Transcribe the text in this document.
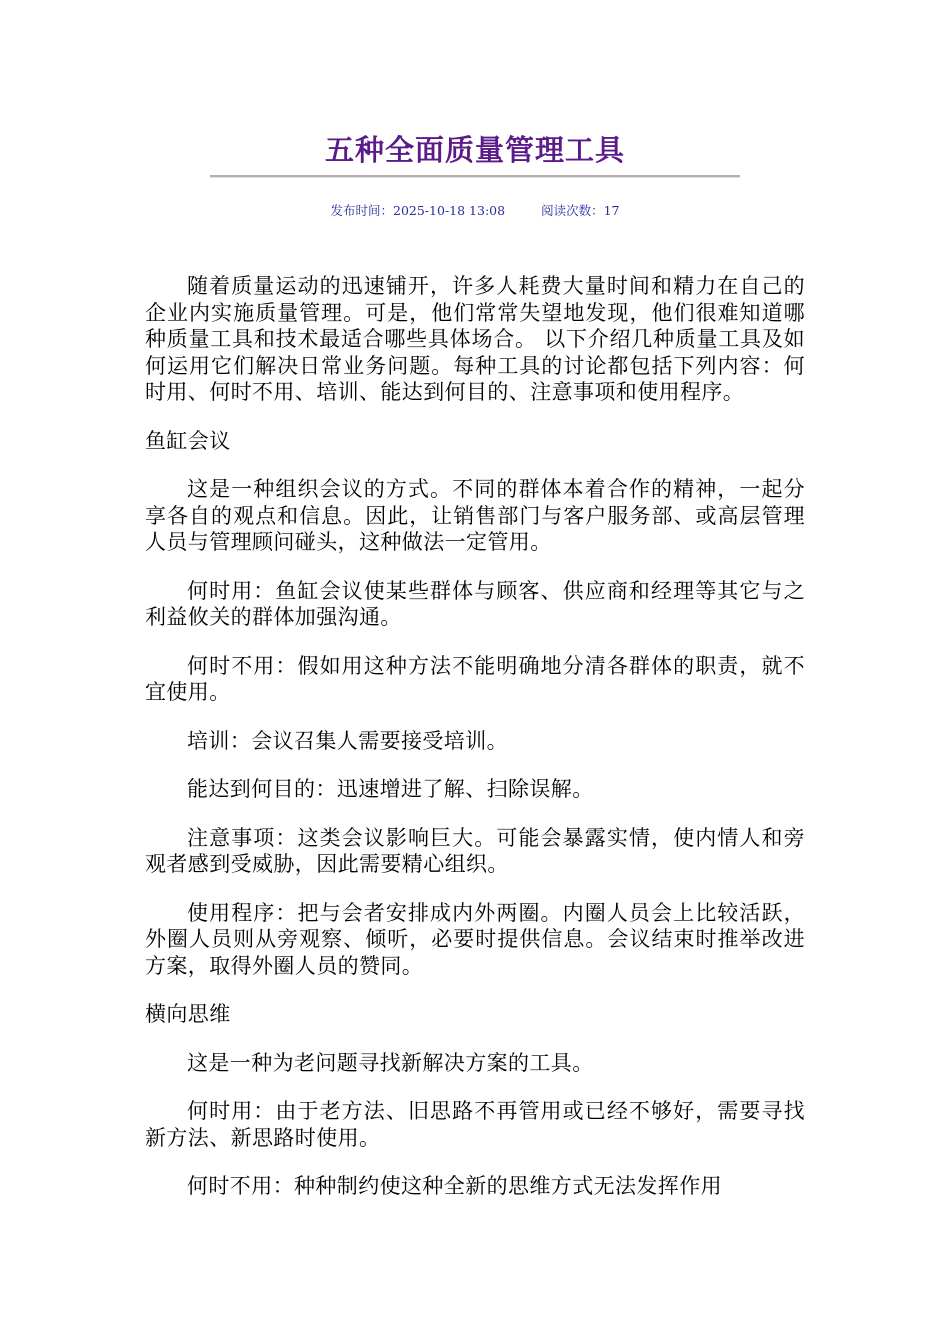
五种全面质量管理工具
发布时间：2025-10-18 13:08	阅读次数：17

随着质量运动的迅速铺开，许多人耗费大量时间和精力在自己的企业内实施质量管理。可是，他们常常失望地发现，他们很难知道哪种质量工具和技术最适合哪些具体场合。 以下介绍几种质量工具及如何运用它们解决日常业务问题。每种工具的讨论都包括下列内容：何时用、何时不用、培训、能达到何目的、注意事项和使用程序。

鱼缸会议

这是一种组织会议的方式。不同的群体本着合作的精神，一起分享各自的观点和信息。因此，让销售部门与客户服务部、或高层管理人员与管理顾问碰头，这种做法一定管用。

何时用：鱼缸会议使某些群体与顾客、供应商和经理等其它与之利益攸关的群体加强沟通。

何时不用：假如用这种方法不能明确地分清各群体的职责，就不宜使用。

培训：会议召集人需要接受培训。

能达到何目的：迅速增进了解、扫除误解。

注意事项：这类会议影响巨大。可能会暴露实情，使内情人和旁观者感到受威胁，因此需要精心组织。

使用程序：把与会者安排成内外两圈。内圈人员会上比较活跃，外圈人员则从旁观察、倾听，必要时提供信息。会议结束时推举改进方案，取得外圈人员的赞同。

横向思维

这是一种为老问题寻找新解决方案的工具。

何时用：由于老方法、旧思路不再管用或已经不够好，需要寻找新方法、新思路时使用。

何时不用：种种制约使这种全新的思维方式无法发挥作用
